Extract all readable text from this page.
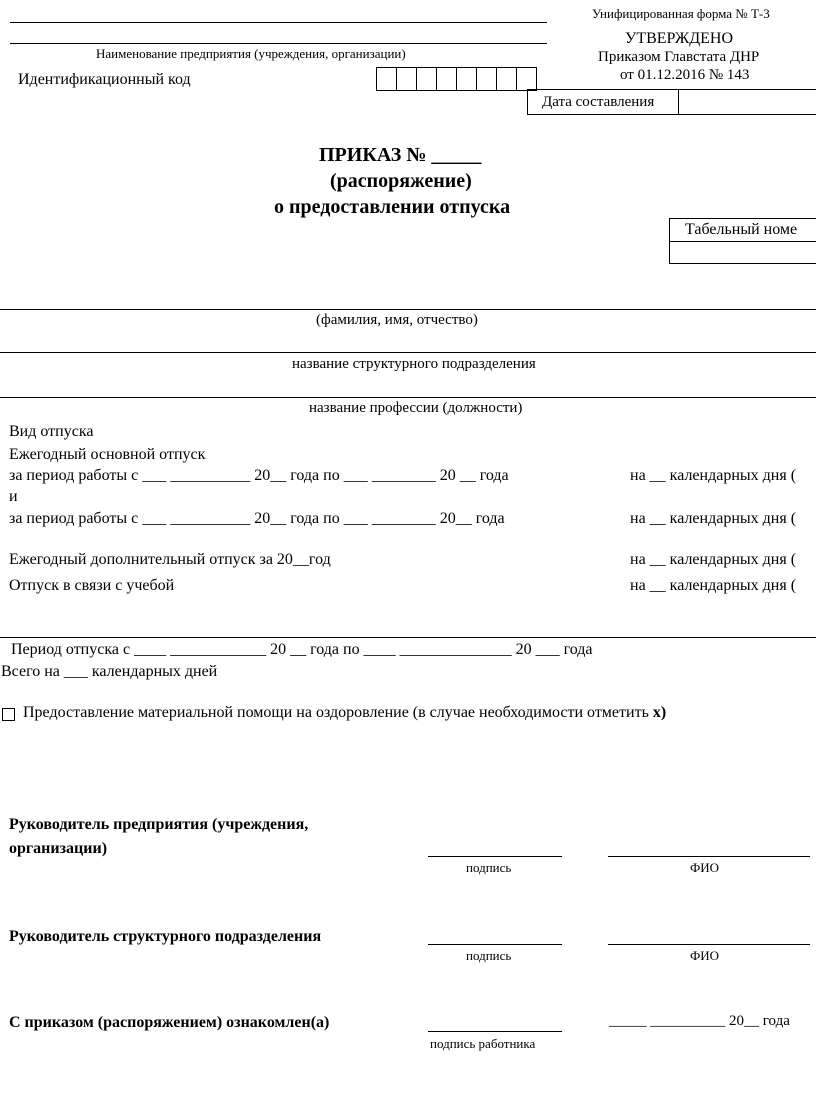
Наименование предприятия (учреждения, организации)
Идентификационный код
Унифицированная форма № Т-3
УТВЕРЖДЕНО
Приказом Главстата ДНР
от 01.12.2016 № 143
Дата составления
ПРИКАЗ № _____
(распоряжение)
о предоставлении отпуска
Табельный номе
(фамилия, имя, отчество)
название структурного подразделения
название профессии (должности)
Вид отпуска
Ежегодный основной отпуск
за период работы с ___ __________ 20__ года по ___ ________ 20 __ года	на __ календарных дня (
и
за период работы с ___ __________ 20__ года по ___ ________ 20__ года	на __ календарных дня (
Ежегодный дополнительный отпуск за 20__год	на __ календарных дня (
Отпуск в связи с учебой	на __ календарных дня (
Период отпуска с ____ ____________ 20 __ года по ____ ______________ 20 ___ года
Всего на ___ календарных дней
Предоставление материальной помощи на оздоровление (в случае необходимости отметить х)
Руководитель предприятия (учреждения,
организации)
подпись	ФИО
Руководитель структурного подразделения
подпись	ФИО
С приказом (распоряжением) ознакомлен(а)
подпись работника
_____ __________ 20__ года
